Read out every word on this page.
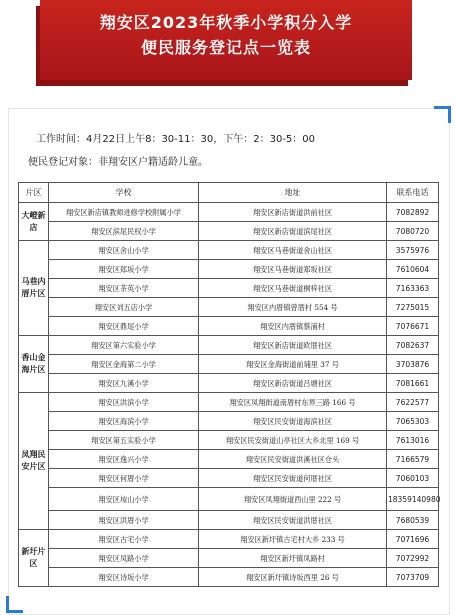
翔安区2023年秋季小学积分入学
便民服务登记点一览表
工作时间：4月22日上午8：30-11：30，下午：2：30-5：00
便民登记对象：非翔安区户籍适龄儿童。
片区	学校	地址	联系电话
大嶝新店	翔安区新店镇教师进修学校附属小学	翔安区新店街道洪前社区	7082892
	翔安区滨尾民权小学	翔安区新店街道滨尾社区	7080720
马巷内厝片区	翔安区舍山小学	翔安区马巷街道舍山社区	3575976
	翔安区郑坂小学	翔安区马巷街道郑坂社区	7610604
	翔安区茶英小学	翔安区马巷街道桐梓社区	7163363
	翔安区刘五店小学	翔安区内厝镇曾厝村 554 号	7275015
	翔安区鼎尾小学	翔安区内厝镇蔡浦村	7076671
香山金海片区	翔安区第六实验小学	翔安区新店街道欧厝社区	7082637
	翔安区金海第二小学	翔安区金海街道前埔里 37 号	3703876
	翔安区九溪小学	翔安区新店街道吕塘社区	7081661
凤翔民安片区	翔安区洪滨小学	翔安区凤翔街道南厝村东界三路 166 号	7622577
	翔安区海滨小学	翔安区民安街道海滨社区	7065303
	翔安区第五实验小学	翔安区民安街道山亭社区大乡北里 169 号	7613016
	翔安区逸兴小学	翔安区民安街道洪溪社区仓头	7166579
	翔安区何厝小学	翔安区民安街道何厝社区	7060103
	翔安区垵山小学	翔安区凤翔街道西山里 222 号	18359140980
	翔安区洪厝小学	翔安区民安街道洪厝社区	7680539
新圩片区	翔安区古宅小学	翔安区新圩镇古宅村大乡 233 号	7071696
	翔安区凤路小学	翔安区新圩镇凤路村	7072992
	翔安区诗坂小学	翔安区新圩镇诗坂西里 26 号	7073709
